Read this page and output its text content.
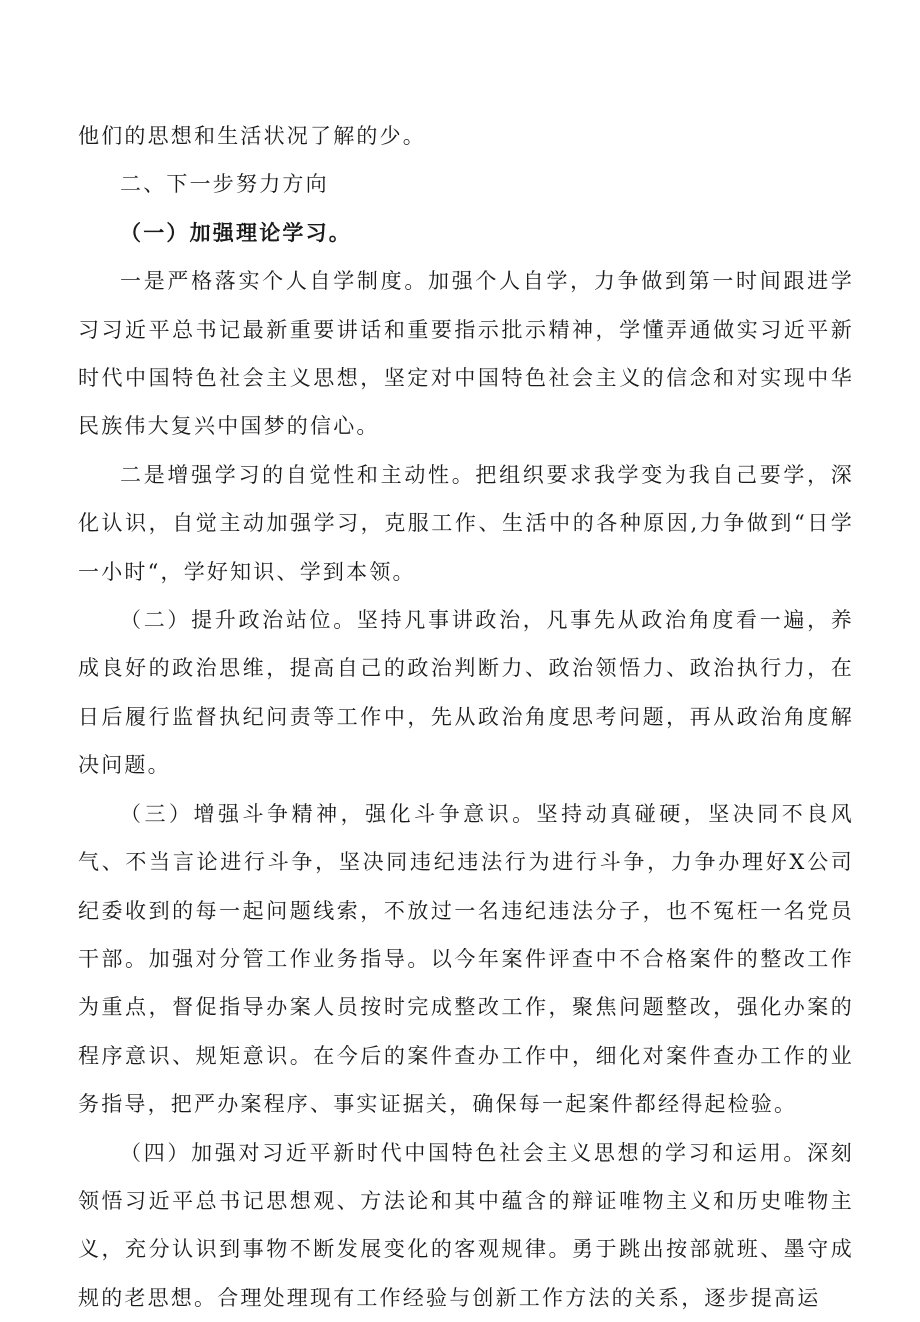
他们的思想和生活状况了解的少。

二、下一步努力方向

（一）加强理论学习。

一是严格落实个人自学制度。加强个人自学，力争做到第一时间跟进学习习近平总书记最新重要讲话和重要指示批示精神，学懂弄通做实习近平新时代中国特色社会主义思想，坚定对中国特色社会主义的信念和对实现中华民族伟大复兴中国梦的信心。

二是增强学习的自觉性和主动性。把组织要求我学变为我自己要学，深化认识，自觉主动加强学习，克服工作、生活中的各种原因,力争做到“日学一小时“，学好知识、学到本领。

（二）提升政治站位。坚持凡事讲政治，凡事先从政治角度看一遍，养成良好的政治思维，提高自己的政治判断力、政治领悟力、政治执行力，在日后履行监督执纪问责等工作中，先从政治角度思考问题，再从政治角度解决问题。

（三）增强斗争精神，强化斗争意识。坚持动真碰硬，坚决同不良风气、不当言论进行斗争，坚决同违纪违法行为进行斗争，力争办理好X公司纪委收到的每一起问题线索，不放过一名违纪违法分子，也不冤枉一名党员干部。加强对分管工作业务指导。以今年案件评查中不合格案件的整改工作为重点，督促指导办案人员按时完成整改工作，聚焦问题整改，强化办案的程序意识、规矩意识。在今后的案件查办工作中，细化对案件查办工作的业务指导，把严办案程序、事实证据关，确保每一起案件都经得起检验。

（四）加强对习近平新时代中国特色社会主义思想的学习和运用。深刻领悟习近平总书记思想观、方法论和其中蕴含的辩证唯物主义和历史唯物主义，充分认识到事物不断发展变化的客观规律。勇于跳出按部就班、墨守成规的老思想。合理处理现有工作经验与创新工作方法的关系，逐步提高运
